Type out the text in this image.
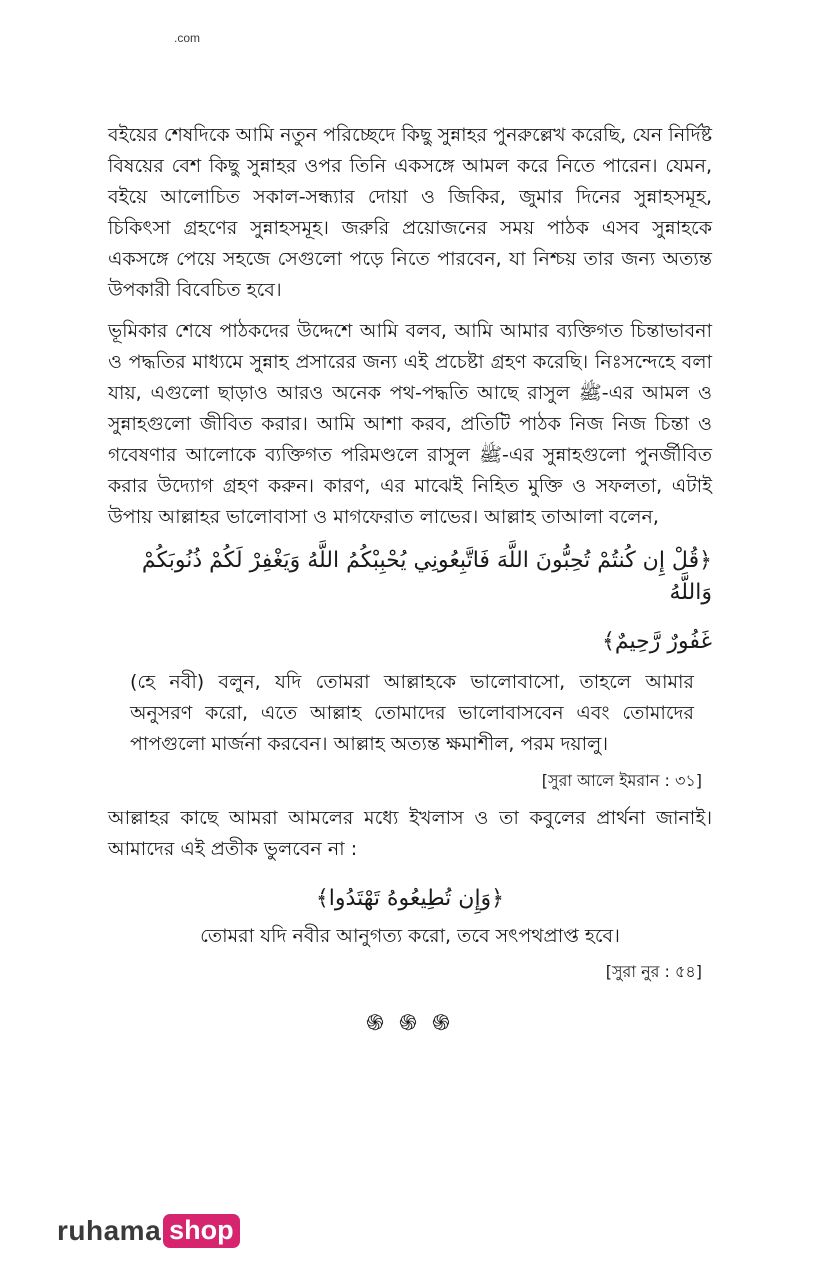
বইয়ের শেষদিকে আমি নতুন পরিচ্ছেদে কিছু সুন্নাহর পুনরুল্লেখ করেছি, যেন নির্দিষ্ট বিষয়ের বেশ কিছু সুন্নাহর ওপর তিনি একসঙ্গে আমল করে নিতে পারেন। যেমন, বইয়ে আলোচিত সকাল-সন্ধ্যার দোয়া ও জিকির, জুমার দিনের সুন্নাহসমূহ, চিকিৎসা গ্রহণের সুন্নাহসমূহ। জরুরি প্রয়োজনের সময় পাঠক এসব সুন্নাহকে একসঙ্গে পেয়ে সহজে সেগুলো পড়ে নিতে পারবেন, যা নিশ্চয় তার জন্য অত্যন্ত উপকারী বিবেচিত হবে।

ভূমিকার শেষে পাঠকদের উদ্দেশে আমি বলব, আমি আমার ব্যক্তিগত চিন্তাভাবনা ও পদ্ধতির মাধ্যমে সুন্নাহ প্রসারের জন্য এই প্রচেষ্টা গ্রহণ করেছি। নিঃসন্দেহে বলা যায়, এগুলো ছাড়াও আরও অনেক পথ-পদ্ধতি আছে রাসুল ﷺ-এর আমল ও সুন্নাহগুলো জীবিত করার। আমি আশা করব, প্রতিটি পাঠক নিজ নিজ চিন্তা ও গবেষণার আলোকে ব্যক্তিগত পরিমণ্ডলে রাসুল ﷺ-এর সুন্নাহগুলো পুনর্জীবিত করার উদ্যোগ গ্রহণ করুন। কারণ, এর মাঝেই নিহিত মুক্তি ও সফলতা, এটাই উপায় আল্লাহর ভালোবাসা ও মাগফেরাত লাভের। আল্লাহ তাআলা বলেন,

﴿قُلْ إِن كُنتُمْ تُحِبُّونَ اللَّهَ فَاتَّبِعُونِي يُحْبِبْكُمُ اللَّهُ وَيَغْفِرْ لَكُمْ ذُنُوبَكُمْ وَاللَّهُ
غَفُورٌ رَّحِيمٌ﴾

(হে নবী) বলুন, যদি তোমরা আল্লাহকে ভালোবাসো, তাহলে আমার অনুসরণ করো, এতে আল্লাহ তোমাদের ভালোবাসবেন এবং তোমাদের পাপগুলো মার্জনা করবেন। আল্লাহ অত্যন্ত ক্ষমাশীল, পরম দয়ালু।

[সুরা আলে ইমরান : ৩১]

আল্লাহর কাছে আমরা আমলের মধ্যে ইখলাস ও তা কবুলের প্রার্থনা জানাই। আমাদের এই প্রতীক ভুলবেন না :

﴿وَإِن تُطِيعُوهُ تَهْتَدُوا﴾
তোমরা যদি নবীর আনুগত্য করো, তবে সৎপথপ্রাপ্ত হবে।
[সুরা নুর : ৫৪]
֍ ֍ ֍
ruhama shop
.com
